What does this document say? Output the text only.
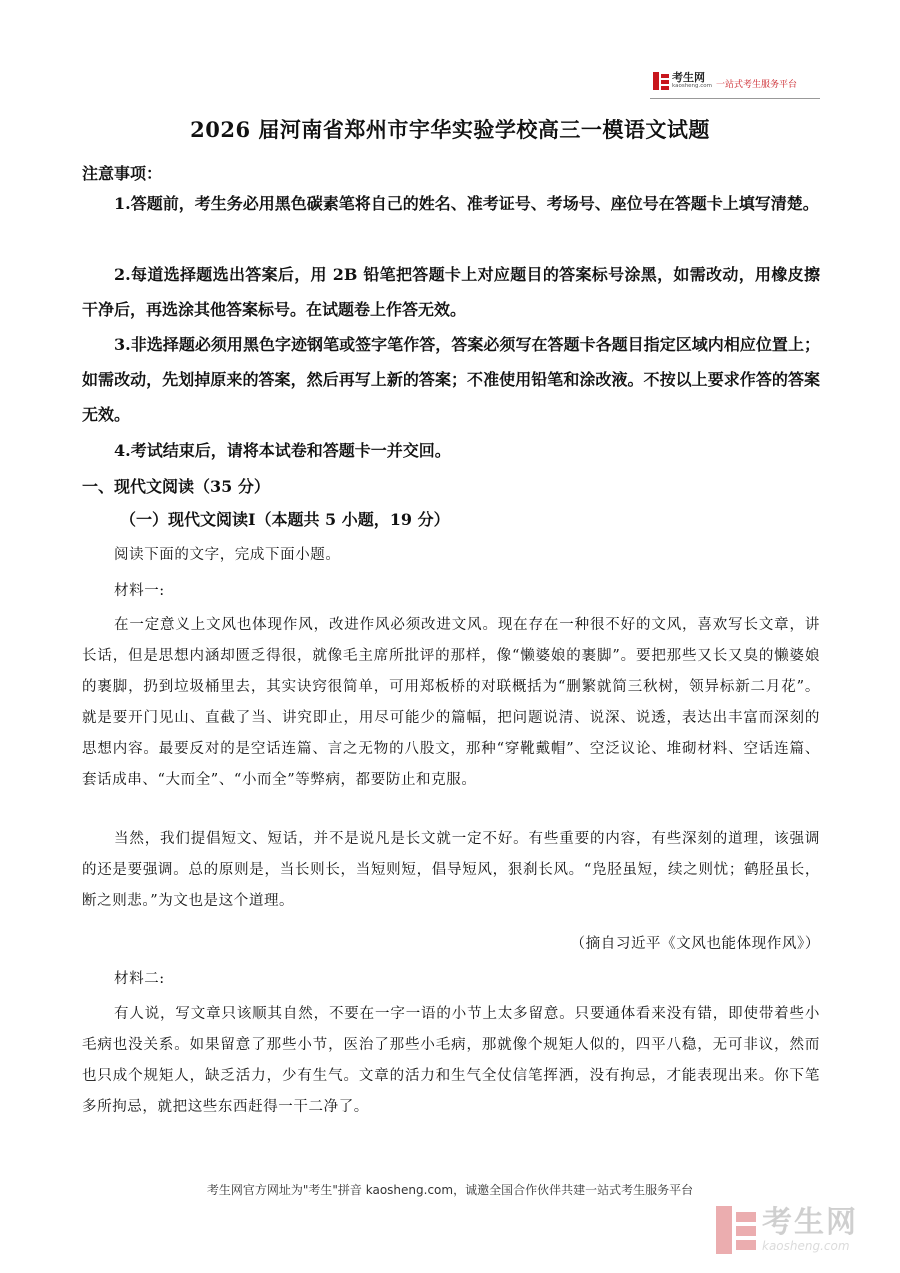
考生网
kaosheng.com 一站式考生服务平台
2026 届河南省郑州市宇华实验学校高三一模语文试题

注意事项：

1.答题前，考生务必用黑色碳素笔将自己的姓名、准考证号、考场号、座位号在答题卡上填写清楚。

2.每道选择题选出答案后，用 2B 铅笔把答题卡上对应题目的答案标号涂黑，如需改动，用橡皮擦干净后，再选涂其他答案标号。在试题卷上作答无效。

3.非选择题必须用黑色字迹钢笔或签字笔作答，答案必须写在答题卡各题目指定区域内相应位置上；如需改动，先划掉原来的答案，然后再写上新的答案；不准使用铅笔和涂改液。不按以上要求作答的答案无效。

4.考试结束后，请将本试卷和答题卡一并交回。

一、现代文阅读（35 分）

（一）现代文阅读Ⅰ（本题共 5 小题，19 分）

阅读下面的文字，完成下面小题。

材料一:

在一定意义上文风也体现作风，改进作风必须改进文风。现在存在一种很不好的文风，喜欢写长文章，讲长话，但是思想内涵却匮乏得很，就像毛主席所批评的那样，像“懒婆娘的裹脚”。要把那些又长又臭的懒婆娘的裹脚，扔到垃圾桶里去，其实诀窍很简单，可用郑板桥的对联概括为“删繁就简三秋树，领异标新二月花”。就是要开门见山、直截了当、讲究即止，用尽可能少的篇幅，把问题说清、说深、说透，表达出丰富而深刻的思想内容。最要反对的是空话连篇、言之无物的八股文，那种“穿靴戴帽”、空泛议论、堆砌材料、空话连篇、套话成串、“大而全”、“小而全”等弊病，都要防止和克服。

当然，我们提倡短文、短话，并不是说凡是长文就一定不好。有些重要的内容，有些深刻的道理，该强调的还是要强调。总的原则是，当长则长，当短则短，倡导短风，狠刹长风。“凫胫虽短，续之则忧；鹤胫虽长，断之则悲。”为文也是这个道理。

（摘自习近平《文风也能体现作风》）

材料二:

有人说，写文章只该顺其自然，不要在一字一语的小节上太多留意。只要通体看来没有错，即使带着些小毛病也没关系。如果留意了那些小节，医治了那些小毛病，那就像个规矩人似的，四平八稳，无可非议，然而也只成个规矩人，缺乏活力，少有生气。文章的活力和生气全仗信笔挥洒，没有拘忌，才能表现出来。你下笔多所拘忌，就把这些东西赶得一干二净了。

考生网官方网址为"考生"拼音 kaosheng.com，诚邀全国合作伙伴共建一站式考生服务平台
考生网
kaosheng.com
